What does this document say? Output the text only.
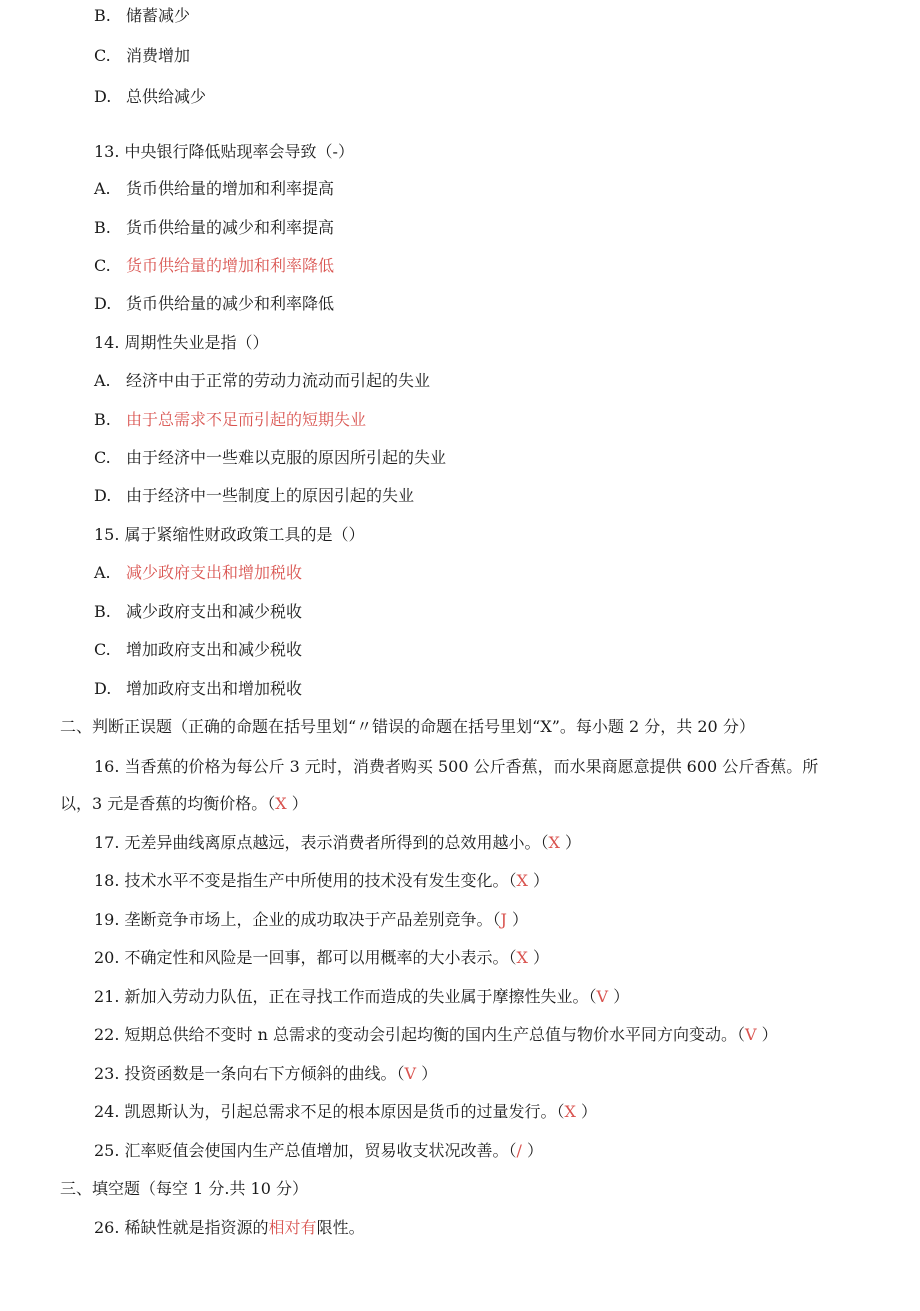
B. 储蓄减少
C. 消费增加
D. 总供给减少
13. 中央银行降低贴现率会导致（-）
A. 货币供给量的增加和利率提高
B. 货币供给量的减少和利率提高
C. 货币供给量的增加和利率降低
D. 货币供给量的减少和利率降低
14. 周期性失业是指（）
A. 经济中由于正常的劳动力流动而引起的失业
B. 由于总需求不足而引起的短期失业
C. 由于经济中一些难以克服的原因所引起的失业
D. 由于经济中一些制度上的原因引起的失业
15. 属于紧缩性财政政策工具的是（）
A. 减少政府支出和增加税收
B. 减少政府支出和减少税收
C. 增加政府支出和减少税收
D. 增加政府支出和增加税收
二、判断正误题（正确的命题在括号里划“〃错误的命题在括号里划“X”。每小题 2 分，共 20 分）
16. 当香蕉的价格为每公斤 3 元时，消费者购买 500 公斤香蕉，而水果商愿意提供 600 公斤香蕉。所
以，3 元是香蕉的均衡价格。（X ）
17. 无差异曲线离原点越远，表示消费者所得到的总效用越小。（X ）
18. 技术水平不变是指生产中所使用的技术没有发生变化。（X ）
19. 垄断竞争市场上，企业的成功取决于产品差别竞争。（J ）
20. 不确定性和风险是一回事，都可以用概率的大小表示。（X ）
21. 新加入劳动力队伍，正在寻找工作而造成的失业属于摩擦性失业。（V ）
22. 短期总供给不变时 n 总需求的变动会引起均衡的国内生产总值与物价水平同方向变动。（V ）
23. 投资函数是一条向右下方倾斜的曲线。（V ）
24. 凯恩斯认为，引起总需求不足的根本原因是货币的过量发行。（X ）
25. 汇率贬值会使国内生产总值增加，贸易收支状况改善。（/ ）
三、填空题（每空 1 分.共 10 分）
26. 稀缺性就是指资源的相对有限性。
